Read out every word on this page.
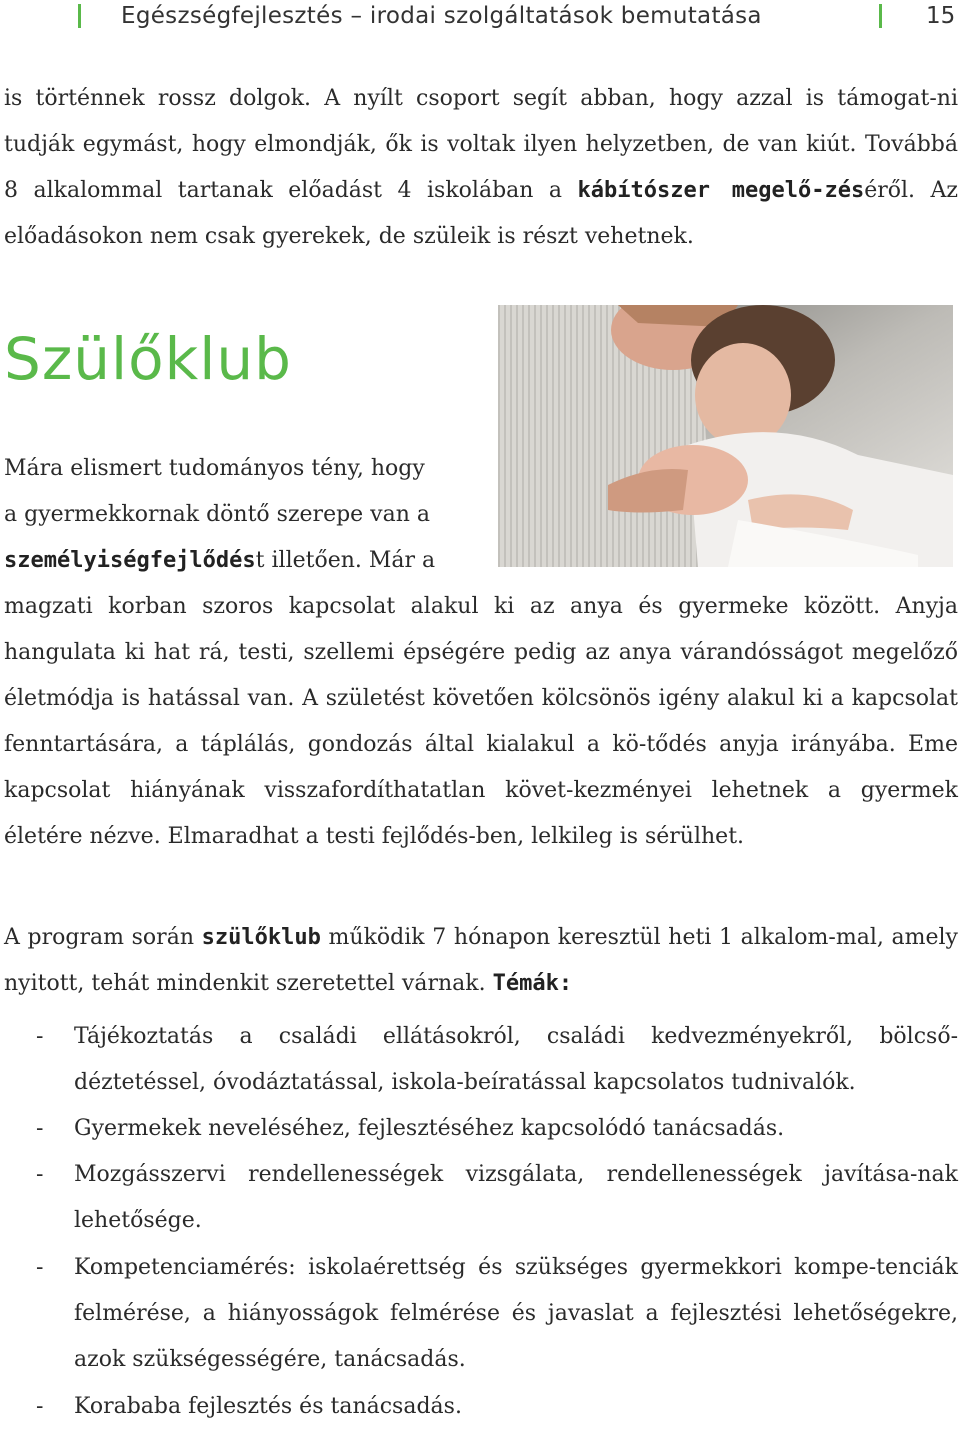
Egészségfejlesztés – irodai szolgáltatások bemutatása	15

is történnek rossz dolgok. A nyílt csoport segít abban, hogy azzal is támogat-ni tudják egymást, hogy elmondják, ők is voltak ilyen helyzetben, de van kiút. Továbbá 8 alkalommal tartanak előadást 4 iskolában a kábítószer megelő-zéséről. Az előadásokon nem csak gyerekek, de szüleik is részt vehetnek.

Szülőklub
Mára elismert tudományos tény, hogy
a gyermekkornak döntő szerepe van a
személyiségfejlődést illetően. Már a

magzati korban szoros kapcsolat alakul ki az anya és gyermeke között. Anyja hangulata ki hat rá, testi, szellemi épségére pedig az anya várandósságot megelőző életmódja is hatással van. A születést követően kölcsönös igény alakul ki a kapcsolat fenntartására, a táplálás, gondozás által kialakul a kö-tődés anyja irányába. Eme kapcsolat hiányának visszafordíthatatlan követ-kezményei lehetnek a gyermek életére nézve. Elmaradhat a testi fejlődés-ben, lelkileg is sérülhet.

A program során szülőklub működik 7 hónapon keresztül heti 1 alkalom-mal, amely nyitott, tehát mindenkit szeretettel várnak. Témák:

- Tájékoztatás a családi ellátásokról, családi kedvezményekről, bölcső-déztetéssel, óvodáztatással, iskola-beíratással kapcsolatos tudnivalók.

- Gyermekek neveléséhez, fejlesztéséhez kapcsolódó tanácsadás.

- Mozgásszervi rendellenességek vizsgálata, rendellenességek javítása-nak lehetősége.

- Kompetenciamérés: iskolaérettség és szükséges gyermekkori kompe-tenciák felmérése, a hiányosságok felmérése és javaslat a fejlesztési lehetőségekre, azok szükségességére, tanácsadás.

- Korababa fejlesztés és tanácsadás.
